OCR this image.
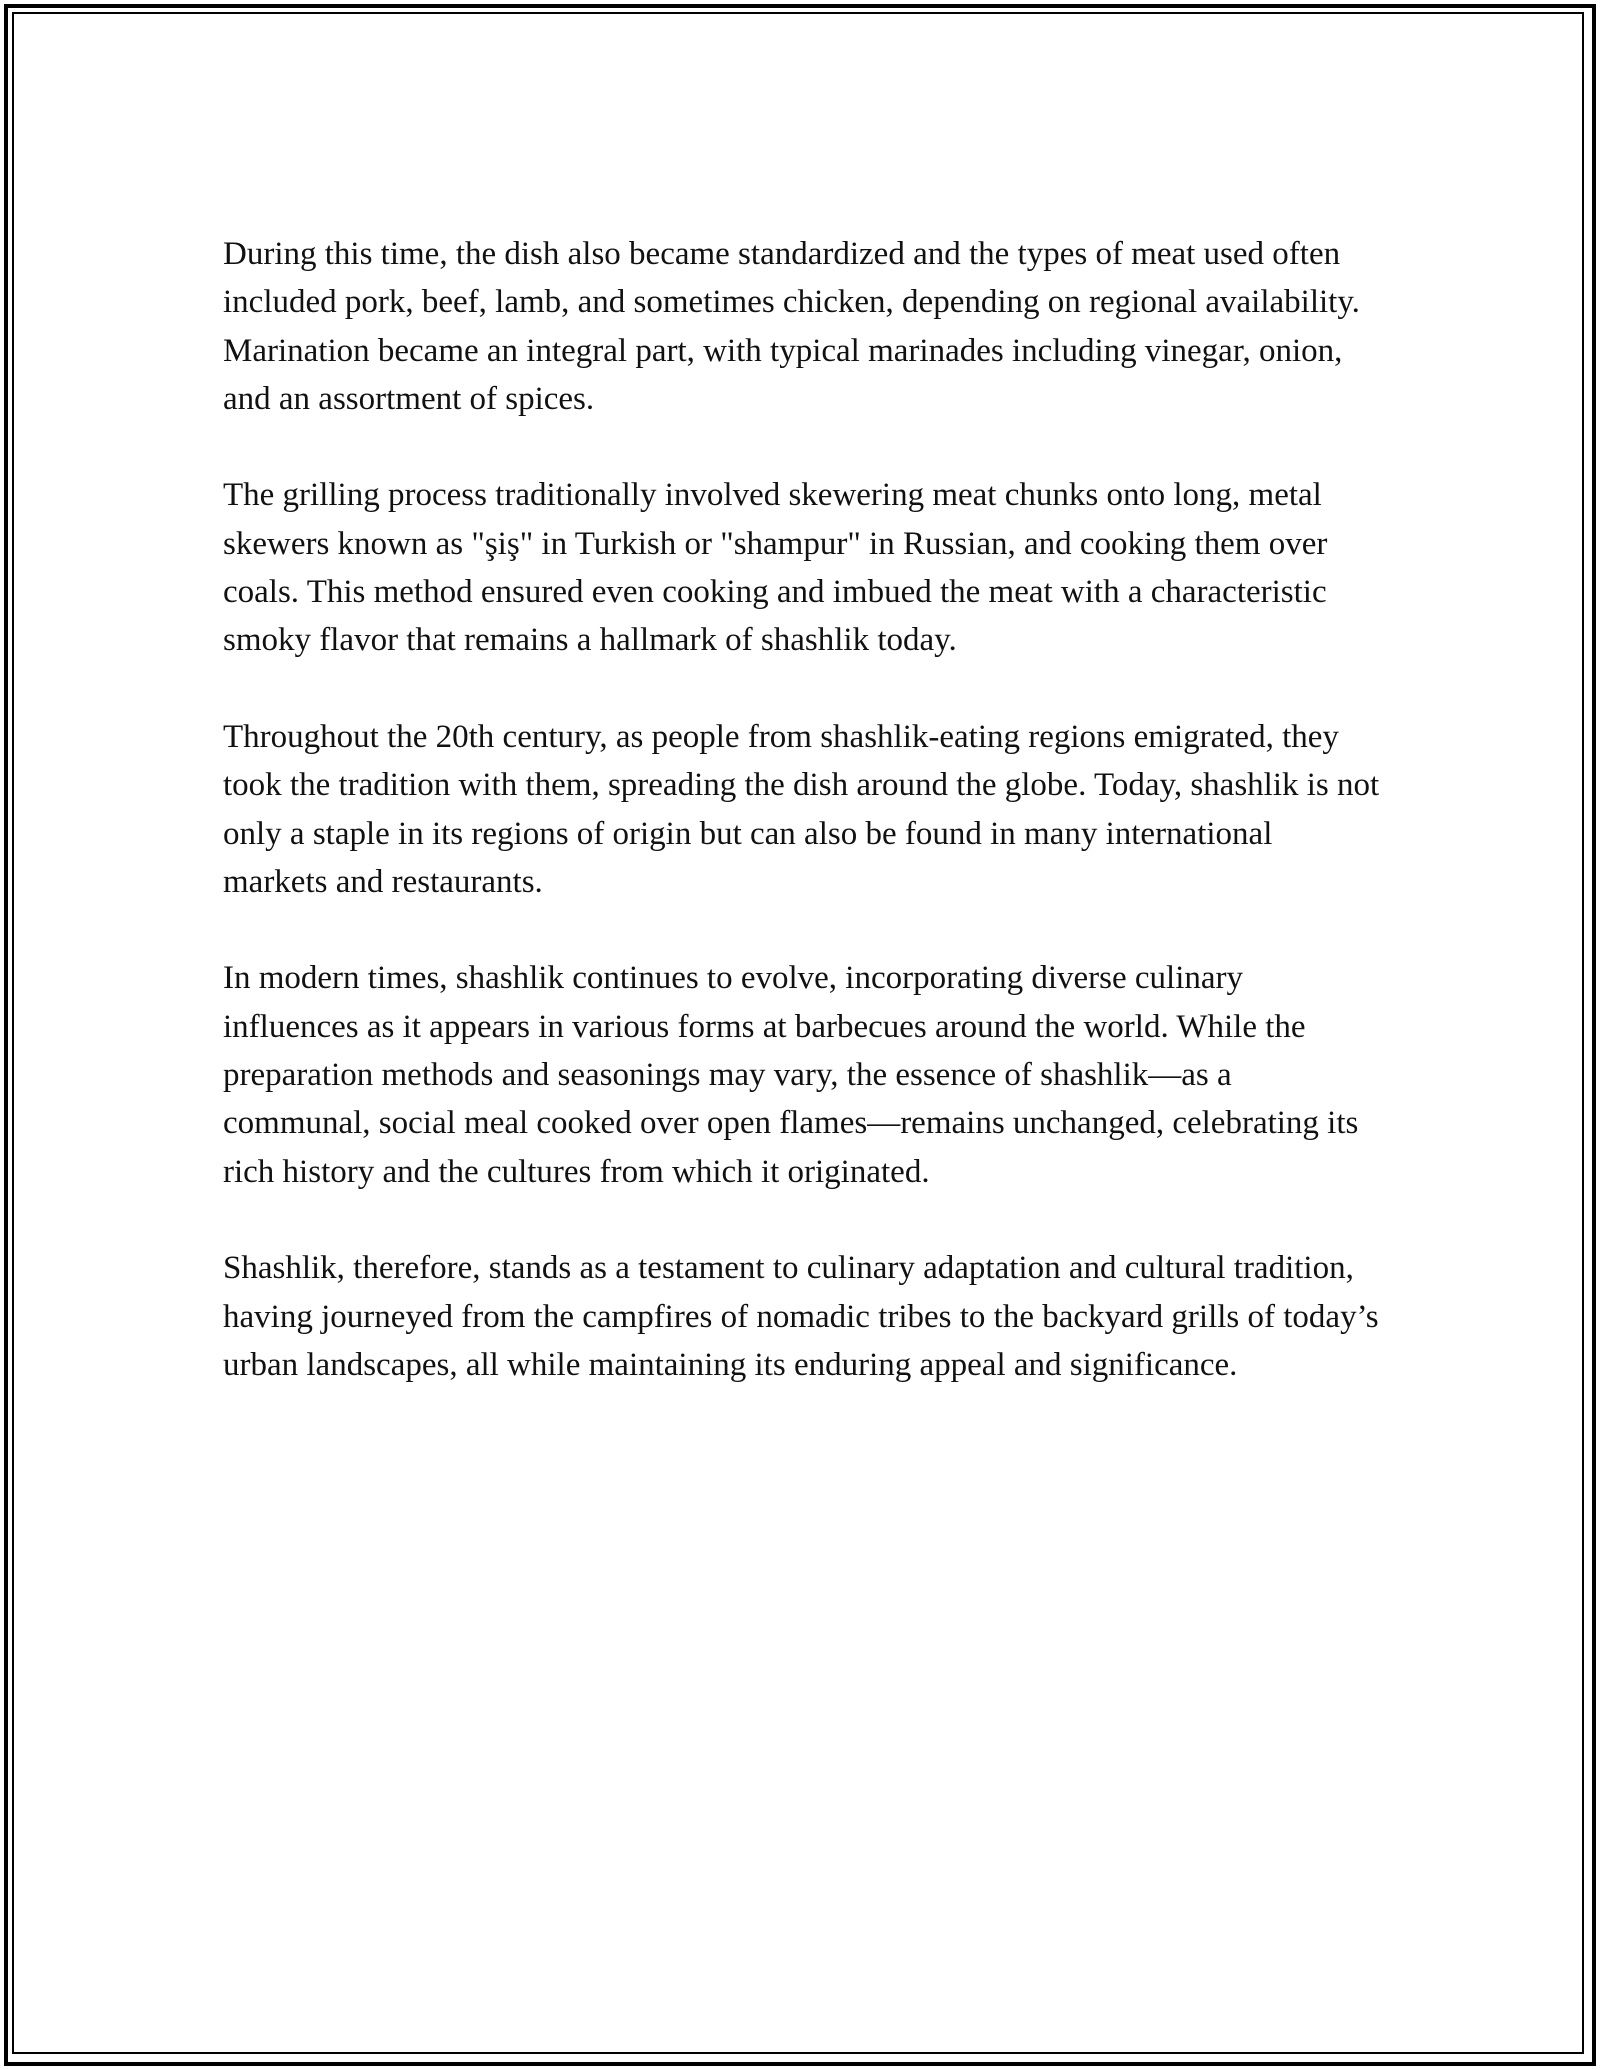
During this time, the dish also became standardized and the types of meat used often included pork, beef, lamb, and sometimes chicken, depending on regional availability. Marination became an integral part, with typical marinades including vinegar, onion, and an assortment of spices.

The grilling process traditionally involved skewering meat chunks onto long, metal skewers known as "şiş" in Turkish or "shampur" in Russian, and cooking them over coals. This method ensured even cooking and imbued the meat with a characteristic smoky flavor that remains a hallmark of shashlik today.

Throughout the 20th century, as people from shashlik-eating regions emigrated, they took the tradition with them, spreading the dish around the globe. Today, shashlik is not only a staple in its regions of origin but can also be found in many international markets and restaurants.

In modern times, shashlik continues to evolve, incorporating diverse culinary influences as it appears in various forms at barbecues around the world. While the preparation methods and seasonings may vary, the essence of shashlik—as a communal, social meal cooked over open flames—remains unchanged, celebrating its rich history and the cultures from which it originated.

Shashlik, therefore, stands as a testament to culinary adaptation and cultural tradition, having journeyed from the campfires of nomadic tribes to the backyard grills of today’s urban landscapes, all while maintaining its enduring appeal and significance.
